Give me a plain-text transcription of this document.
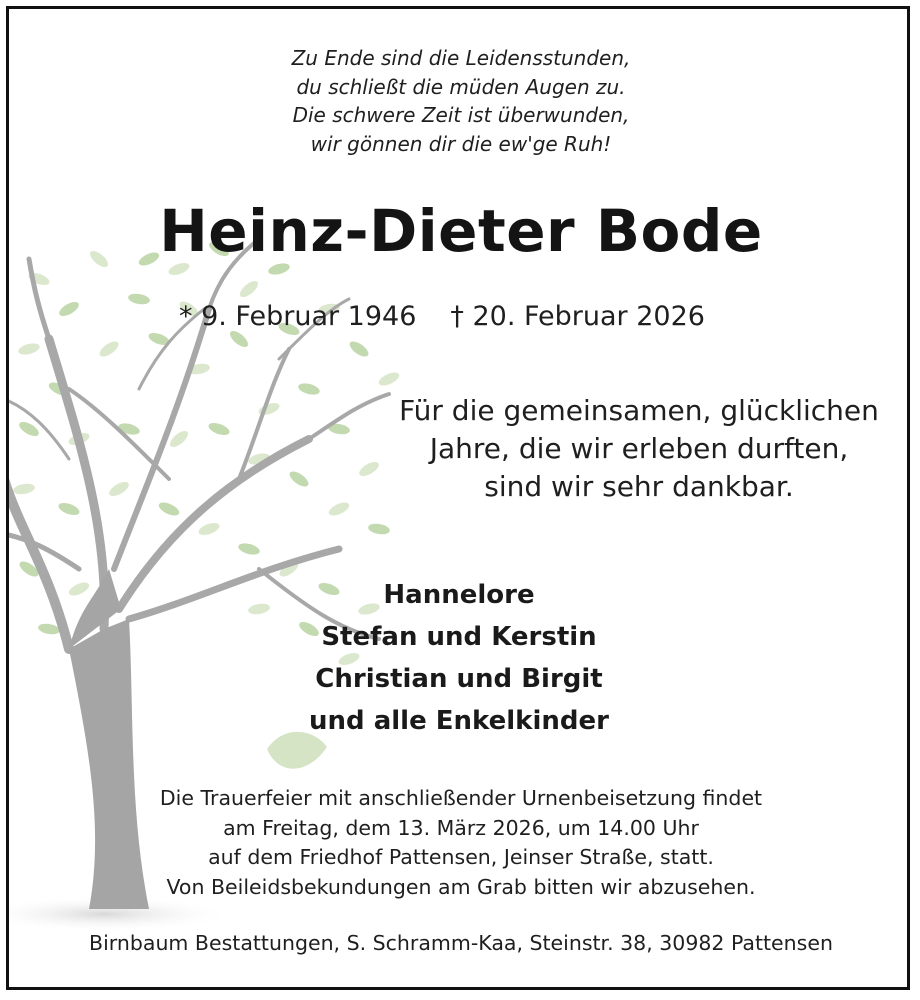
Zu Ende sind die Leidensstunden,
du schließt die müden Augen zu.
Die schwere Zeit ist überwunden,
wir gönnen dir die ew'ge Ruh!
Heinz-Dieter Bode
* 9. Februar 1946 † 20. Februar 2026
Für die gemeinsamen, glücklichen
Jahre, die wir erleben durften,
sind wir sehr dankbar.
Hannelore
Stefan und Kerstin
Christian und Birgit
und alle Enkelkinder
Die Trauerfeier mit anschließender Urnenbeisetzung findet
am Freitag, dem 13. März 2026, um 14.00 Uhr
auf dem Friedhof Pattensen, Jeinser Straße, statt.
Von Beileidsbekundungen am Grab bitten wir abzusehen.
Birnbaum Bestattungen, S. Schramm-Kaa, Steinstr. 38, 30982 Pattensen
